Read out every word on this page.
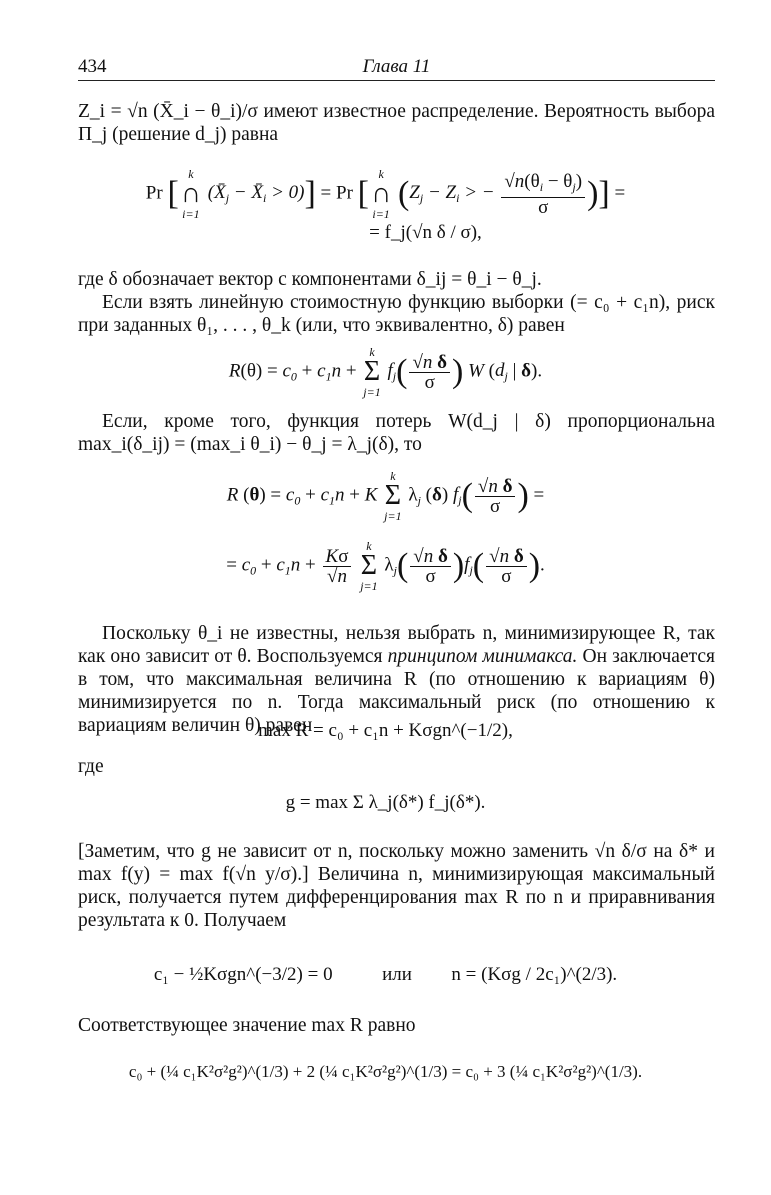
434	Глава 11
Z_i = √n (X̄_i − θ_i)/σ имеют известное распределение. Вероятность выбора Π_j (решение d_j) равна
Pr [
k
∩
i=1
($X̄_j$ − $X̄_i > 0)] = Pr$ [
k
∩
i=1
($Z_j - Z_i$ > − $\frac{√n(\theta_i - \theta_j)}{\sigma}$ )] =
= f_j(√n δ / σ),
где δ обозначает вектор с компонентами δ_ij = θ_i − θ_j.
Если взять линейную стоимостную функцию выборки (= c₀ + c₁n), риск при заданных θ₁, . . . , θ_k (или, что эквивалентно, δ) равен
$R(\theta) = c_0 + c_1n$ +
k
Σ
j=1
$f_j( \frac{\text{√n δ}}{\sigma}$ ) W ($d_j$ | δ).
Если, кроме того, функция потерь W(d_j | δ) пропорциональна max_i(δ_ij) = (max_i θ_i) − θ_j = λ_j(δ), то
R $(\theta) = c_0 + c_1n + K$
k
Σ
j=1
$\lambda_j$ (δ) $f_j( \frac{\text{√n δ}}{\sigma}$ ) =
= $c_0 + c_1n + \frac{K\sigma}{√n}$

k
Σ
j=1
$\lambda_j( \frac{\text{√n δ}}{\sigma} )f_j( \frac{\text{√n δ}}{\sigma}$ ).
Поскольку θ_i не известны, нельзя выбрать n, минимизирующее R, так как оно зависит от θ. Воспользуемся принципом минимакса. Он заключается в том, что максимальная величина R (по отношению к вариациям θ) минимизируется по n. Тогда максимальный риск (по отношению к вариациям величин θ) равен
max R = c₀ + c₁n + Kσgn^(−1/2),
где
g = max Σ λ_j(δ*) f_j(δ*).
[Заметим, что g не зависит от n, поскольку можно заменить √n δ/σ на δ* и max f(y) = max f(√n y/σ).] Величина n, минимизирующая максимальный риск, получается путем дифференцирования max R по n и приравнивания результата к 0. Получаем
c₁ − ½Kσgn^(−3/2) = 0	или n = (Kσg / 2c₁)^(2/3).
Соответствующее значение max R равно
c₀ + (¼ c₁K²σ²g²)^(1/3) + 2 (¼ c₁K²σ²g²)^(1/3) = c₀ + 3 (¼ c₁K²σ²g²)^(1/3).
